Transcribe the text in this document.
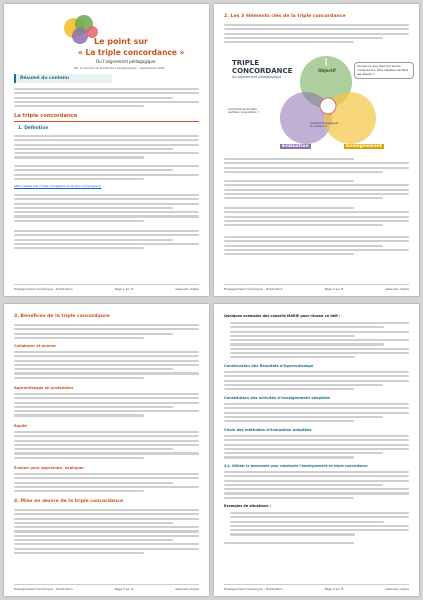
Le point sur
« La triple concordance »
Ou l’alignement pédagogique
Par le service de production pédagogique – septembre 2020
Résumé du contenu
La triple concordance
1. Définition
https://www.edu.ch/les-competences-du-ple-numerique-1/
Enseignement numérique – Publication	Page 1 sur 8	www.edu.ch/ple
2. Les 3 éléments clés de la triple concordance
TRIPLE
CONCORDANCE
ou alignement pédagogique
Objectif
Évaluation	Enseignement
Qu’est-ce que devront savoir, comprendre, être capable de faire les élèves ?
Comment sera-t-elle vérifiée l’acquisition ?
Comment enseigner le contenu ?
Enseignement numérique – Publication	Page 2 sur 8	www.edu.ch/ple
3. Bénéfices de la triple concordance
Collaborer et donner
Apprentissage en profondeur
Équité
Évaluer pour apprendre, expliquer
4. Mise en œuvre de la triple concordance
Enseignement numérique – Publication	Page 3 sur 8	www.edu.ch/ple
Quelques exemples des conseils MARIE pour réussir ce défi :
Construction des Résultats d’Apprentissage
Constitution des activités d’enseignement adaptées
Choix des méthodes d’évaluation adaptées
4.4. Utiliser la taxonomie pour construire l’enseignement en triple concordance
Exemples de situations :
Enseignement numérique – Publication	Page 4 sur 8	www.edu.ch/ple
